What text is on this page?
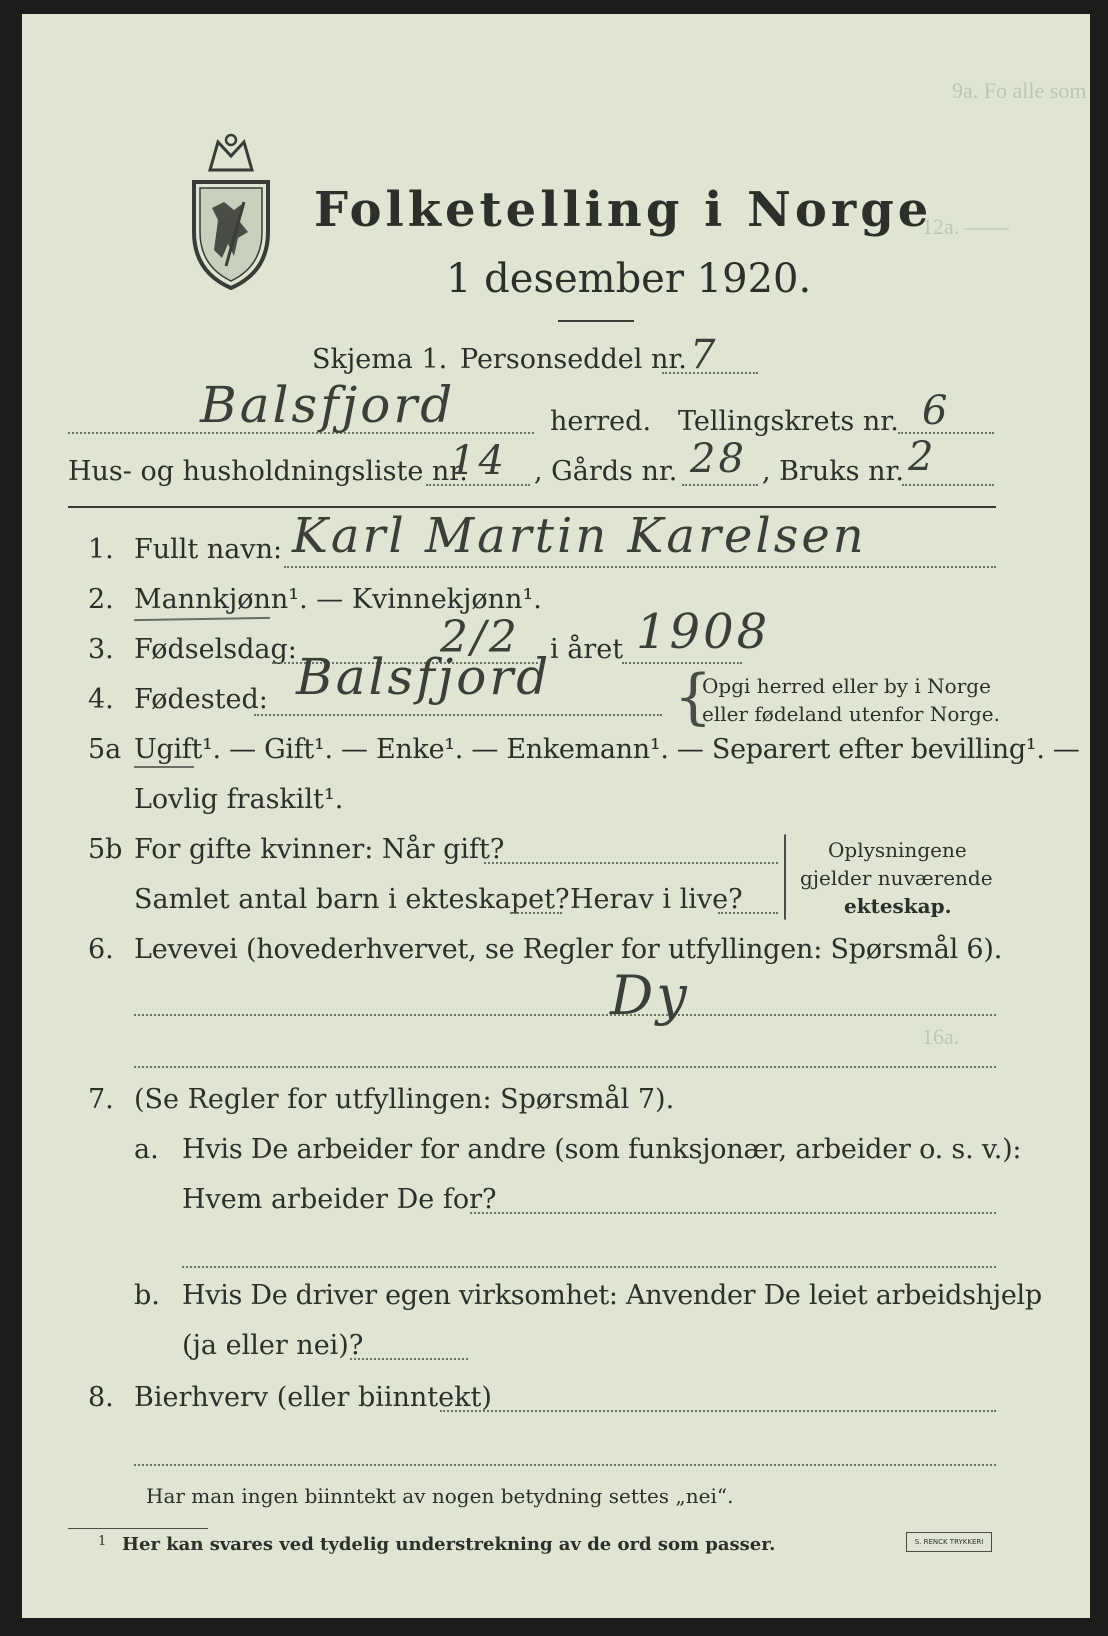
9a. Fo alle som
12a. ——
16a.
Folketelling i Norge
1 desember 1920.
Skjema 1. Personseddel nr. 7
Balsfjord	herred. Tellingskrets nr. 6
Hus- og husholdningsliste nr.
14 , Gårds nr. 28 , Bruks nr. 2
1. Fullt navn: Karl Martin Karelsen
2. Mannkjønn¹. — Kvinnekjønn¹.
3. Fødselsdag:	2/2 i året 1908
4. Fødested: Balsfjord {
Opgi herred eller by i Norge
eller fødeland utenfor Norge.
5a Ugift¹. — Gift¹. — Enke¹. — Enkemann¹. — Separert efter bevilling¹. —
Lovlig fraskilt¹.
5b For gifte kvinner: Når gift?
Samlet antal barn i ekteskapet? Herav i live?
Oplysningene
gjelder nuværende
ekteskap.
6. Levevei (hovederhvervet, se Regler for utfyllingen: Spørsmål 6).
Dy
7. (Se Regler for utfyllingen: Spørsmål 7).
a. Hvis De arbeider for andre (som funksjonær, arbeider o. s. v.):
Hvem arbeider De for?
b. Hvis De driver egen virksomhet: Anvender De leiet arbeidshjelp
(ja eller nei)?
8. Bierhverv (eller biinntekt)
Har man ingen biinntekt av nogen betydning settes „nei“.
1 Her kan svares ved tydelig understrekning av de ord som passer.	S. RENCK TRYKKERI
